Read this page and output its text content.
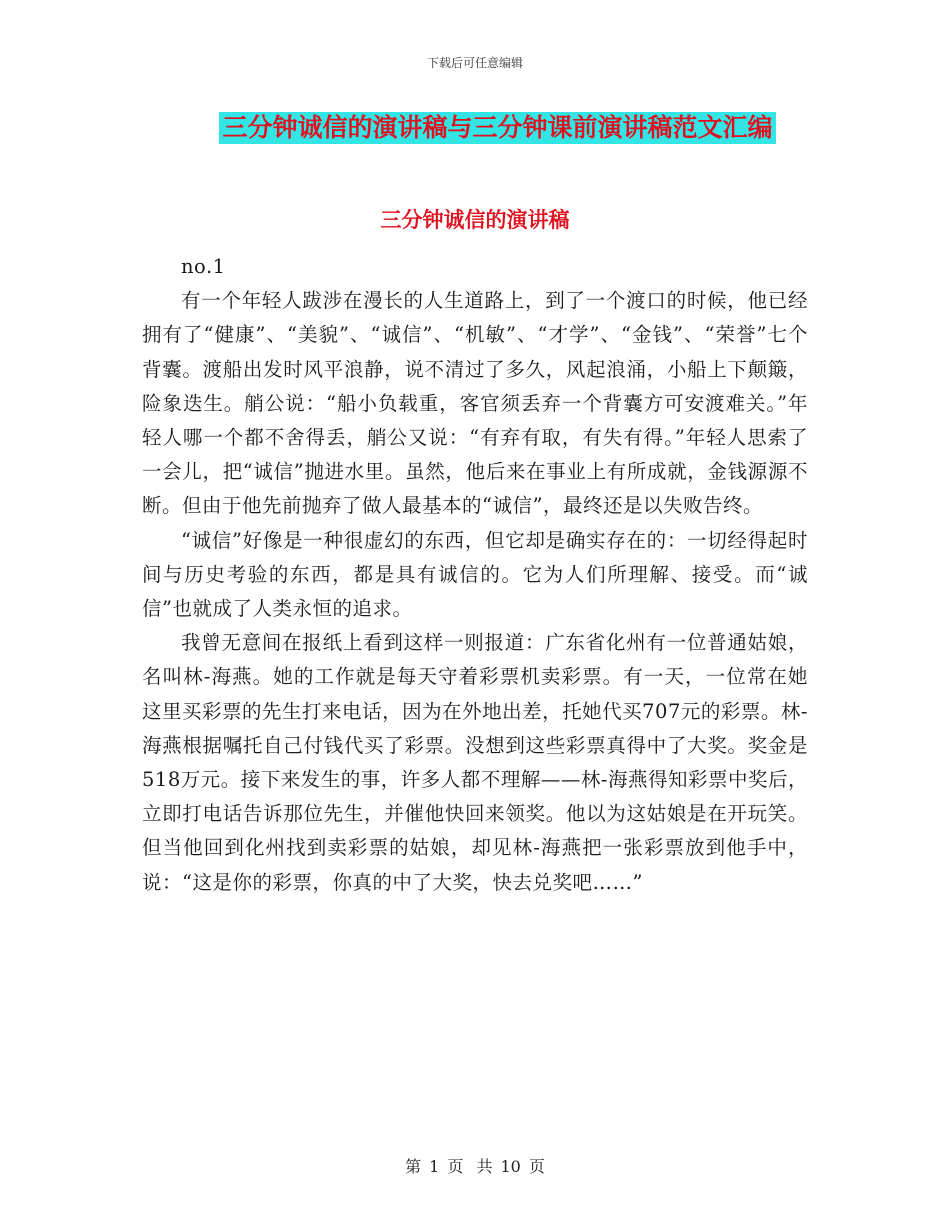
下载后可任意编辑
三分钟诚信的演讲稿与三分钟课前演讲稿范文汇编
三分钟诚信的演讲稿

no.1

有一个年轻人跋涉在漫长的人生道路上，到了一个渡口的时候，他已经拥有了“健康”、“美貌”、“诚信”、“机敏”、“才学”、“金钱”、“荣誉”七个背囊。渡船出发时风平浪静，说不清过了多久，风起浪涌，小船上下颠簸，险象迭生。艄公说：“船小负载重，客官须丢弃一个背囊方可安渡难关。”年轻人哪一个都不舍得丢，艄公又说：“有弃有取，有失有得。”年轻人思索了一会儿，把“诚信”抛进水里。虽然，他后来在事业上有所成就，金钱源源不断。但由于他先前抛弃了做人最基本的“诚信”，最终还是以失败告终。

“诚信”好像是一种很虚幻的东西，但它却是确实存在的：一切经得起时间与历史考验的东西，都是具有诚信的。它为人们所理解、接受。而“诚信”也就成了人类永恒的追求。

我曾无意间在报纸上看到这样一则报道：广东省化州有一位普通姑娘，名叫林-海燕。她的工作就是每天守着彩票机卖彩票。有一天，一位常在她这里买彩票的先生打来电话，因为在外地出差，托她代买707元的彩票。林-海燕根据嘱托自己付钱代买了彩票。没想到这些彩票真得中了大奖。奖金是518万元。接下来发生的事，许多人都不理解——林-海燕得知彩票中奖后，立即打电话告诉那位先生，并催他快回来领奖。他以为这姑娘是在开玩笑。但当他回到化州找到卖彩票的姑娘，却见林-海燕把一张彩票放到他手中，说：“这是你的彩票，你真的中了大奖，快去兑奖吧……”

第 1 页 共 10 页
